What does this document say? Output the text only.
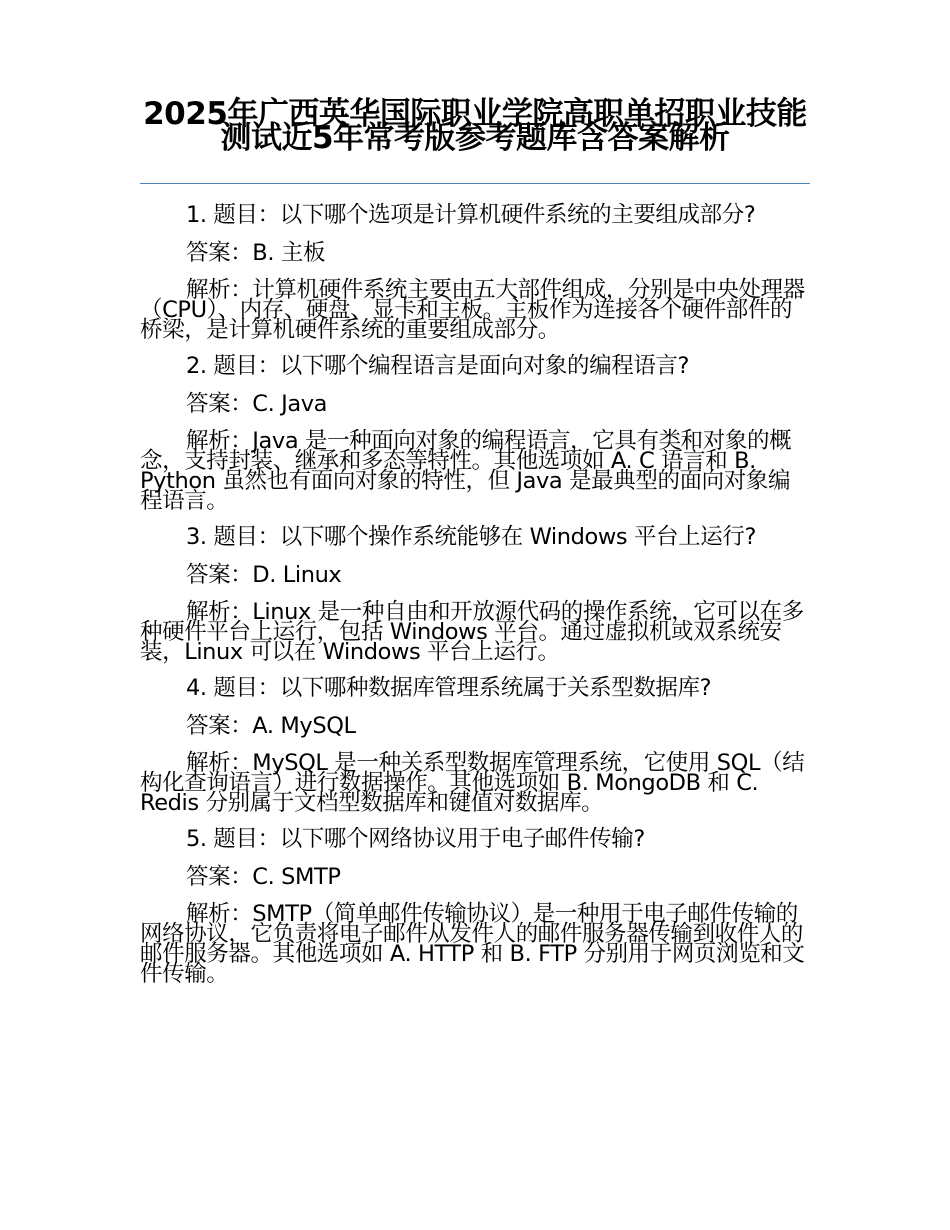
2025年广西英华国际职业学院高职单招职业技能测试近5年常考版参考题库含答案解析

1. 题目：以下哪个选项是计算机硬件系统的主要组成部分?

答案：B. 主板

解析：计算机硬件系统主要由五大部件组成，分别是中央处理器（CPU）、内存、硬盘、显卡和主板。主板作为连接各个硬件部件的桥梁，是计算机硬件系统的重要组成部分。

2. 题目：以下哪个编程语言是面向对象的编程语言?

答案：C. Java

解析：Java 是一种面向对象的编程语言，它具有类和对象的概念，支持封装、继承和多态等特性。其他选项如 A. C 语言和 B. Python 虽然也有面向对象的特性，但 Java 是最典型的面向对象编程语言。

3. 题目：以下哪个操作系统能够在 Windows 平台上运行?

答案：D. Linux

解析：Linux 是一种自由和开放源代码的操作系统，它可以在多种硬件平台上运行，包括 Windows 平台。通过虚拟机或双系统安装，Linux 可以在 Windows 平台上运行。

4. 题目：以下哪种数据库管理系统属于关系型数据库?

答案：A. MySQL

解析：MySQL 是一种关系型数据库管理系统，它使用 SQL（结构化查询语言）进行数据操作。其他选项如 B. MongoDB 和 C. Redis 分别属于文档型数据库和键值对数据库。

5. 题目：以下哪个网络协议用于电子邮件传输?

答案：C. SMTP

解析：SMTP（简单邮件传输协议）是一种用于电子邮件传输的网络协议，它负责将电子邮件从发件人的邮件服务器传输到收件人的邮件服务器。其他选项如 A. HTTP 和 B. FTP 分别用于网页浏览和文件传输。
